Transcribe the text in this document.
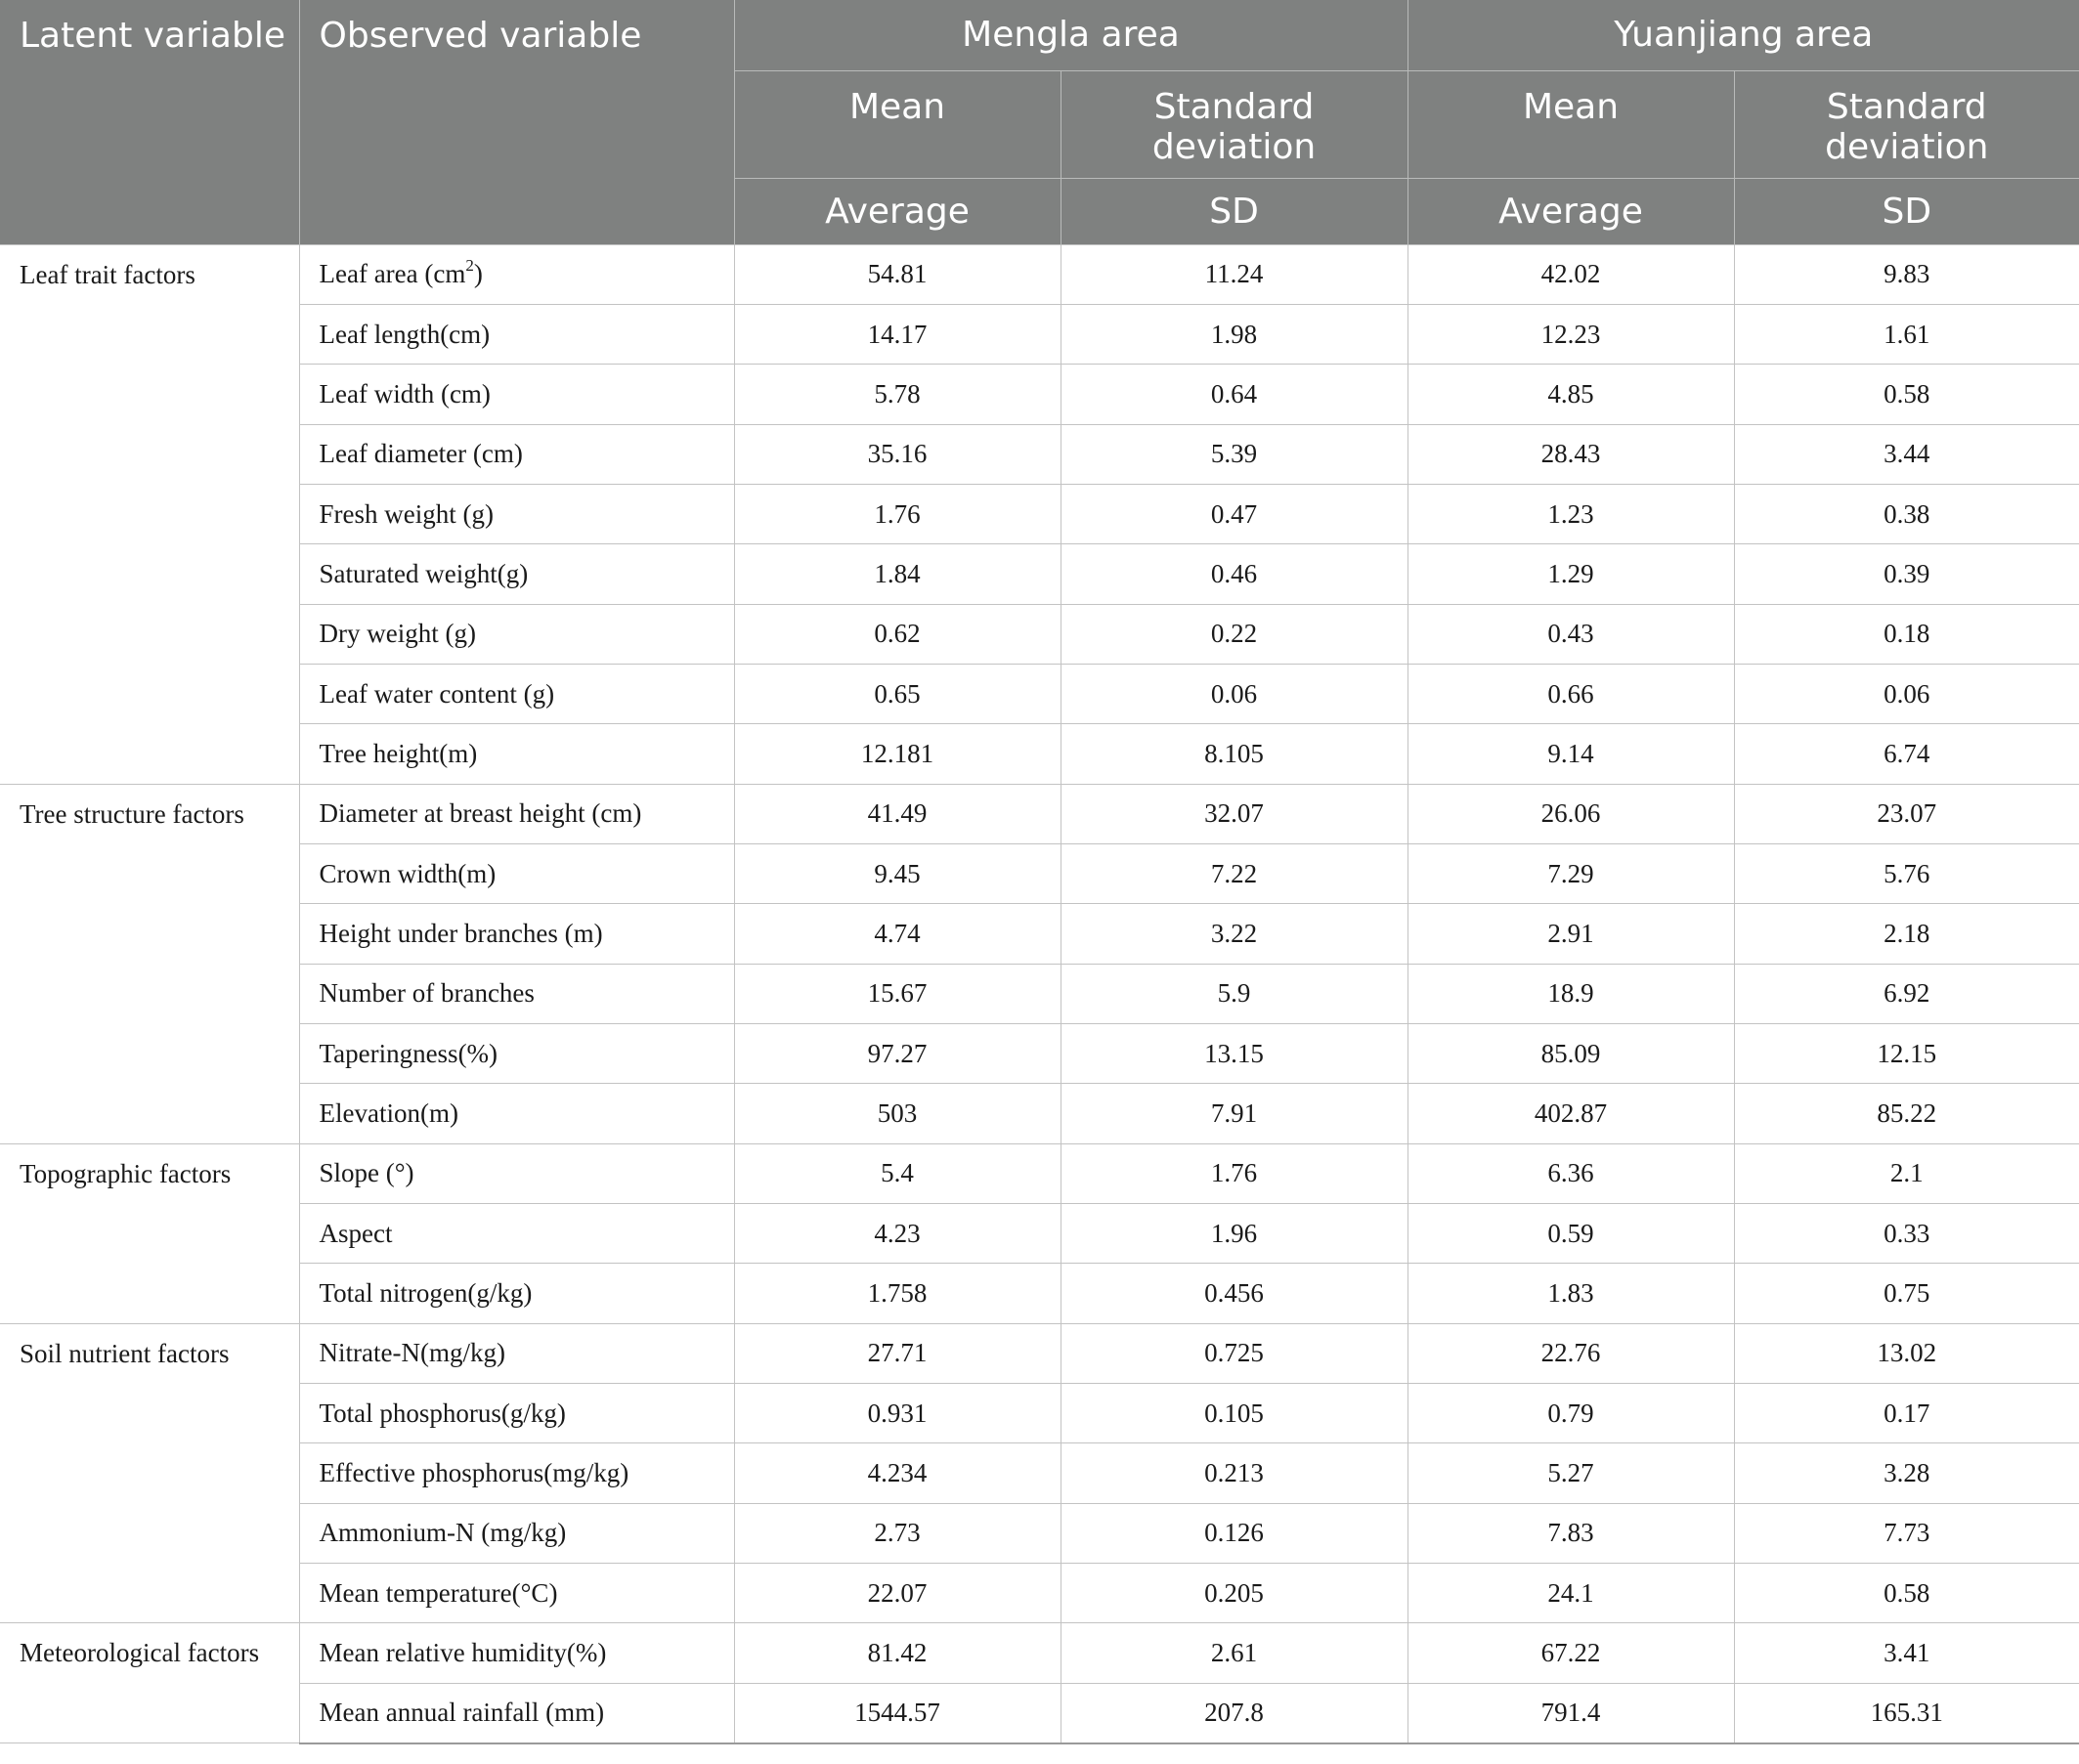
Latent variable	Observed variable	Mengla area		Yuanjiang area	
		Mean	Standard deviation	Mean	Standard deviation
		Average	SD	Average	SD
Leaf trait factors	Leaf area $(cm^2)$	54.81	11.24	42.02	9.83
	Leaf length(cm)	14.17	1.98	12.23	1.61
	Leaf width (cm)	5.78	0.64	4.85	0.58
	Leaf diameter (cm)	35.16	5.39	28.43	3.44
	Fresh weight (g)	1.76	0.47	1.23	0.38
	Saturated weight(g)	1.84	0.46	1.29	0.39
	Dry weight (g)	0.62	0.22	0.43	0.18
	Leaf water content (g)	0.65	0.06	0.66	0.06
	Tree height(m)	12.181	8.105	9.14	6.74
Tree structure factors	Diameter at breast height (cm)	41.49	32.07	26.06	23.07
	Crown width(m)	9.45	7.22	7.29	5.76
	Height under branches (m)	4.74	3.22	2.91	2.18
	Number of branches	15.67	5.9	18.9	6.92
	Taperingness(%)	97.27	13.15	85.09	12.15
	Elevation(m)	503	7.91	402.87	85.22
Topographic factors	Slope (°)	5.4	1.76	6.36	2.1
	Aspect	4.23	1.96	0.59	0.33
	Total nitrogen(g/kg)	1.758	0.456	1.83	0.75
Soil nutrient factors	Nitrate-N(mg/kg)	27.71	0.725	22.76	13.02
	Total phosphorus(g/kg)	0.931	0.105	0.79	0.17
	Effective phosphorus(mg/kg)	4.234	0.213	5.27	3.28
	Ammonium-N (mg/kg)	2.73	0.126	7.83	7.73
	Mean temperature(°C)	22.07	0.205	24.1	0.58
Meteorological factors	Mean relative humidity(%)	81.42	2.61	67.22	3.41
	Mean annual rainfall (mm)	1544.57	207.8	791.4	165.31
